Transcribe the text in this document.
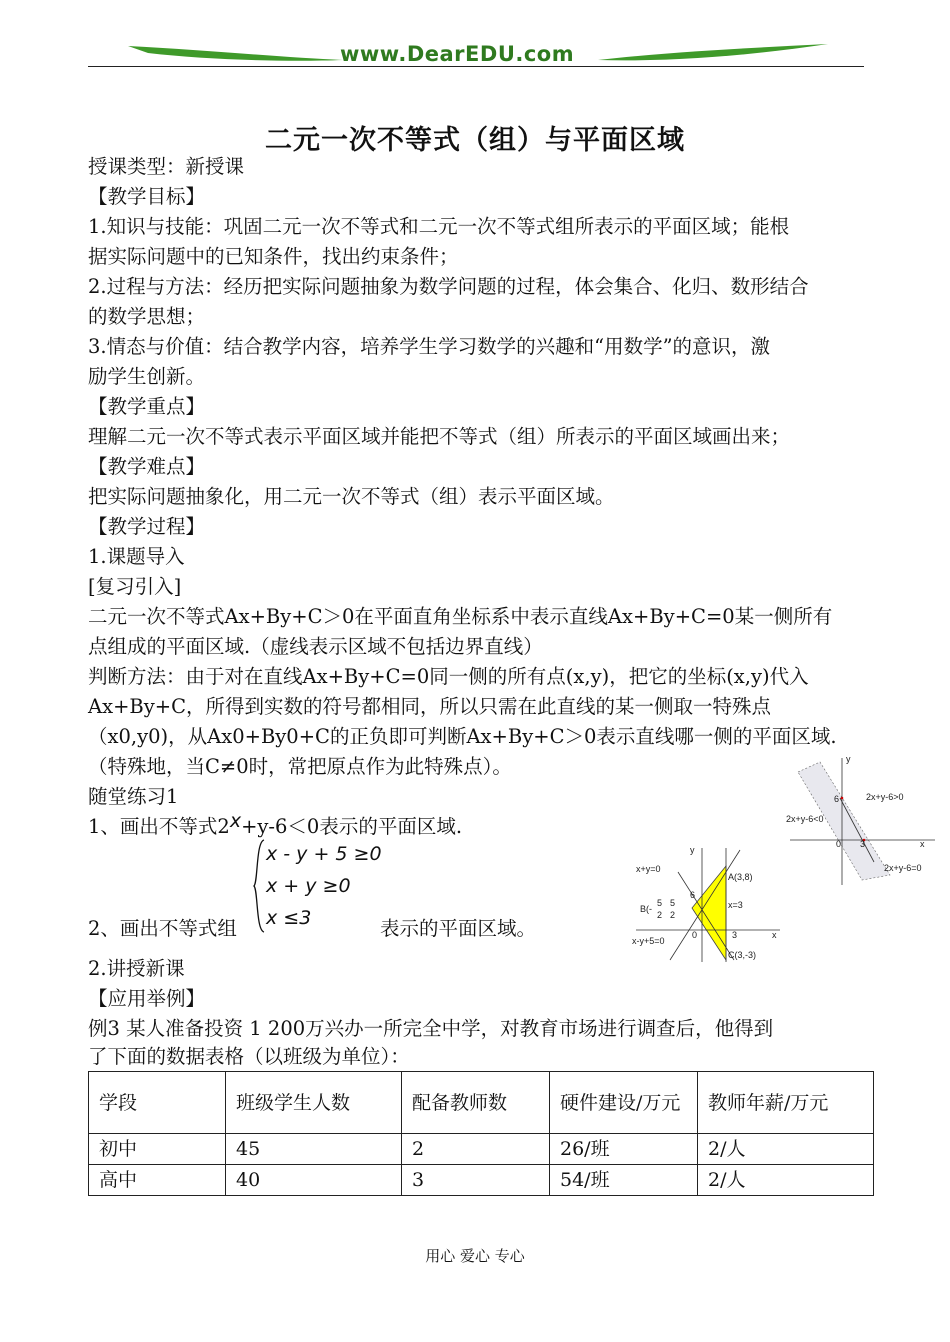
www.DearEDU.com
二元一次不等式（组）与平面区域
授课类型：新授课
【教学目标】
1.知识与技能：巩固二元一次不等式和二元一次不等式组所表示的平面区域；能根
据实际问题中的已知条件，找出约束条件；
2.过程与方法：经历把实际问题抽象为数学问题的过程，体会集合、化归、数形结合
的数学思想；
3.情态与价值：结合教学内容，培养学生学习数学的兴趣和“用数学”的意识，激
励学生创新。
【教学重点】
理解二元一次不等式表示平面区域并能把不等式（组）所表示的平面区域画出来；
【教学难点】
把实际问题抽象化，用二元一次不等式（组）表示平面区域。
【教学过程】
1.课题导入
[复习引入]
二元一次不等式Ax+By+C＞0在平面直角坐标系中表示直线Ax+By+C=0某一侧所有
点组成的平面区域.（虚线表示区域不包括边界直线）
判断方法：由于对在直线Ax+By+C=0同一侧的所有点(x,y)，把它的坐标(x,y)代入
Ax+By+C，所得到实数的符号都相同，所以只需在此直线的某一侧取一特殊点
（x0,y0)，从Ax0+By0+C的正负即可判断Ax+By+C＞0表示直线哪一侧的平面区域.
（特殊地，当C≠0时，常把原点作为此特殊点）。
随堂练习1
1、画出不等式2x+y-6＜0表示的平面区域.
2、画出不等式组
x - y + 5 ≥0
x + y ≥0
x ≤3	表示的平面区域。
y
6	2x+y-6>0
2x+y-6<0
0 3	x
2x+y-6=0
y
x+y=0
A(3,8)
6
5 5
B(-
2 2
x=3
0	3	x
x-y+5=0
C(3,-3)
2.讲授新课
【应用举例】
例3 某人准备投资 1 200万兴办一所完全中学，对教育市场进行调查后，他得到
了下面的数据表格（以班级为单位）：
学段	班级学生人数	配备教师数	硬件建设/万元	教师年薪/万元
初中	45	2	26/班	2/人
高中	40	3	54/班	2/人
用心 爱心 专心
